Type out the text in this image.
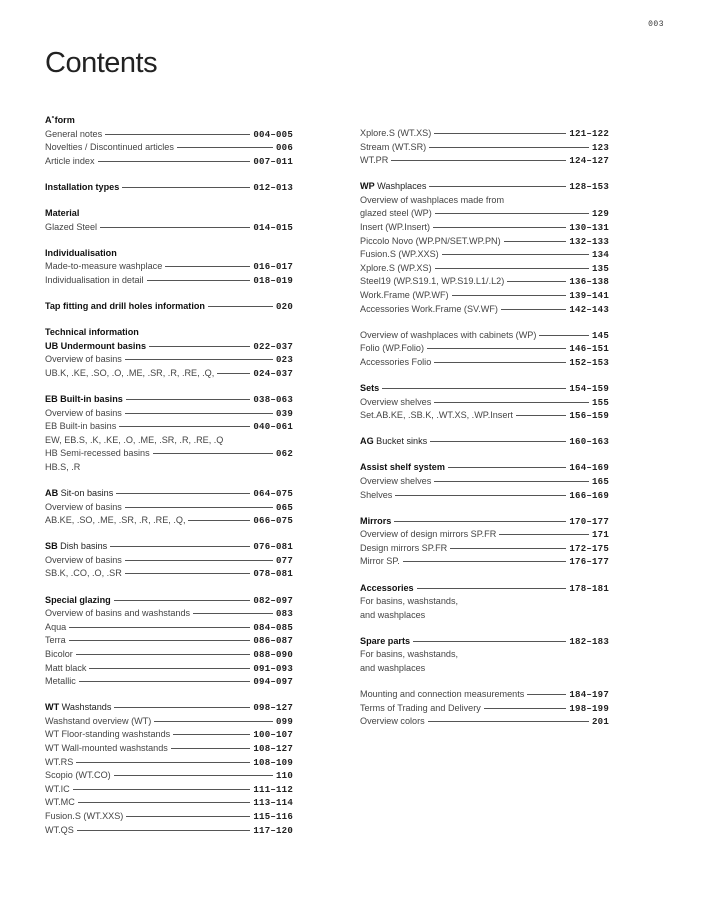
003
Contents
A˚form
General notes	004–005
Novelties / Discontinued articles	006
Article index	007–011
Installation types	012–013
Material
Glazed Steel	014–015
Individualisation
Made-to-measure washplace	016–017
Individualisation in detail	018–019
Tap fitting and drill holes information	020
Technical information
UB Undermount basins	022–037
Overview of basins	023
UB.K, .KE, .SO, .O, .ME, .SR, .R, .RE, .Q,	024–037
EB Built-in basins	038–063
Overview of basins	039
EB Built-in basins	040–061
EW, EB.S, .K, .KE, .O, .ME, .SR, .R, .RE, .Q
HB Semi-recessed basins	062
HB.S, .R
AB Sit-on basins	064–075
Overview of basins	065
AB.KE, .SO, .ME, .SR, .R, .RE, .Q,	066–075
SB Dish basins	076–081
Overview of basins	077
SB.K, .CO, .O, .SR	078–081
Special glazing	082–097
Overview of basins and washstands	083
Aqua	084–085
Terra	086–087
Bicolor	088–090
Matt black	091–093
Metallic	094–097
WT Washstands	098–127
Washstand overview (WT)	099
WT Floor-standing washstands	100–107
WT Wall-mounted washstands	108–127
WT.RS	108–109
Scopio (WT.CO)	110
WT.IC	111–112
WT.MC	113–114
Fusion.S (WT.XXS)	115–116
WT.QS	117–120
Xplore.S (WT.XS)	121–122
Stream (WT.SR)	123
WT.PR	124–127
WP Washplaces	128–153
Overview of washplaces made from
glazed steel (WP)	129
Insert (WP.Insert)	130–131
Piccolo Novo (WP.PN/SET.WP.PN)	132–133
Fusion.S (WP.XXS)	134
Xplore.S (WP.XS)	135
Steel19 (WP.S19.1, WP.S19.L1/.L2)	136–138
Work.Frame (WP.WF)	139–141
Accessories Work.Frame (SV.WF)	142–143
Overview of washplaces with cabinets (WP)	145
Folio (WP.Folio)	146–151
Accessories Folio	152–153
Sets	154–159
Overview shelves	155
Set.AB.KE, .SB.K, .WT.XS, .WP.Insert	156–159
AG Bucket sinks	160–163
Assist shelf system	164–169
Overview shelves	165
Shelves	166–169
Mirrors	170–177
Overview of design mirrors SP.FR	171
Design mirrors SP.FR	172–175
Mirror SP.	176–177
Accessories	178–181
For basins, washstands,
and washplaces
Spare parts	182–183
For basins, washstands,
and washplaces
Mounting and connection measurements	184–197
Terms of Trading and Delivery	198–199
Overview colors	201
